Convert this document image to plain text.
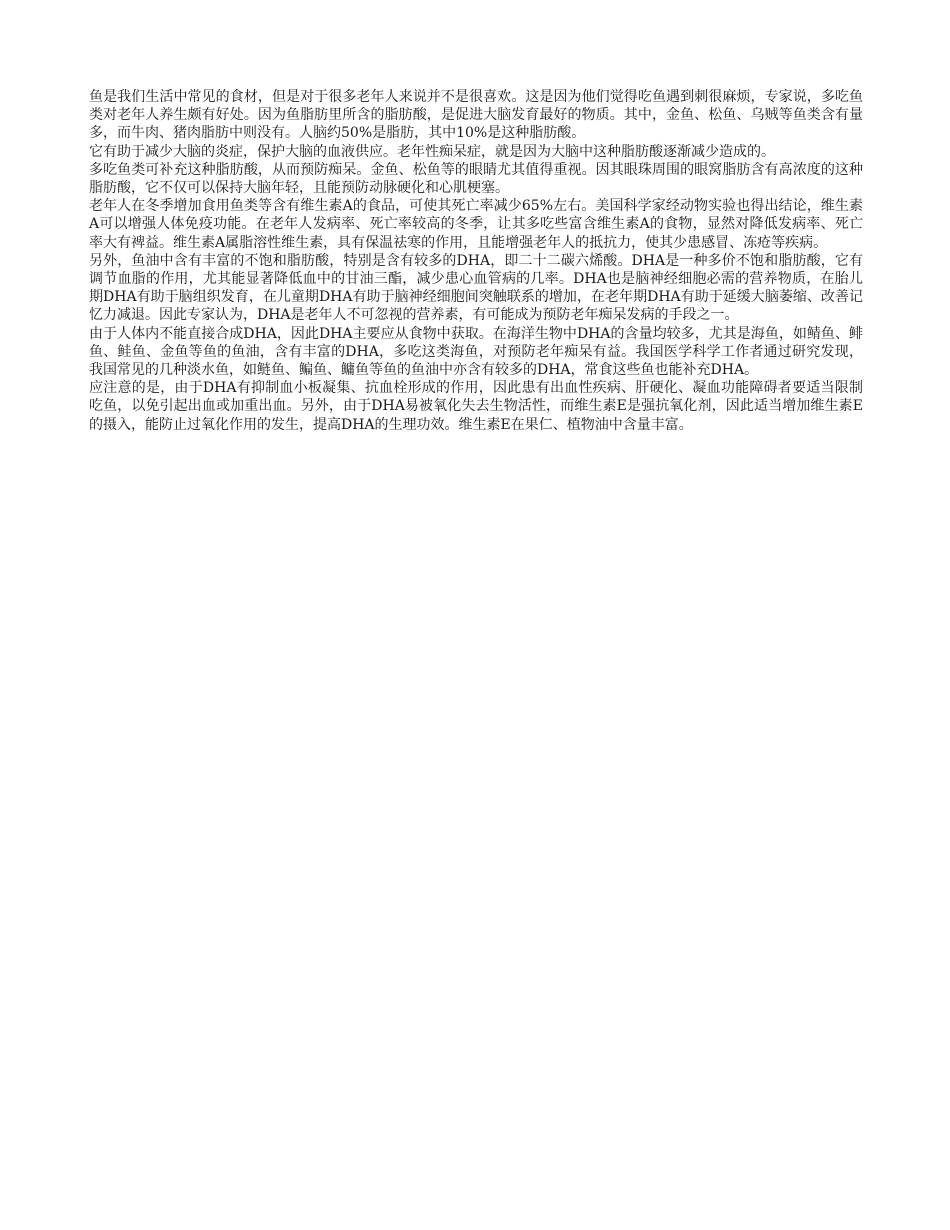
鱼是我们生活中常见的食材，但是对于很多老年人来说并不是很喜欢。这是因为他们觉得吃鱼遇到刺很麻烦，专家说，多吃鱼类对老年人养生颇有好处。因为鱼脂肪里所含的脂肪酸，是促进大脑发育最好的物质。其中，金鱼、松鱼、乌贼等鱼类含有量多，而牛肉、猪肉脂肪中则没有。人脑约50%是脂肪，其中10%是这种脂肪酸。

它有助于减少大脑的炎症，保护大脑的血液供应。老年性痴呆症，就是因为大脑中这种脂肪酸逐渐减少造成的。

多吃鱼类可补充这种脂肪酸，从而预防痴呆。金鱼、松鱼等的眼睛尤其值得重视。因其眼珠周围的眼窝脂肪含有高浓度的这种脂肪酸，它不仅可以保持大脑年轻，且能预防动脉硬化和心肌梗塞。

老年人在冬季增加食用鱼类等含有维生素A的食品，可使其死亡率减少65%左右。美国科学家经动物实验也得出结论，维生素A可以增强人体免疫功能。在老年人发病率、死亡率较高的冬季，让其多吃些富含维生素A的食物，显然对降低发病率、死亡率大有裨益。维生素A属脂溶性维生素，具有保温祛寒的作用，且能增强老年人的抵抗力，使其少患感冒、冻疮等疾病。

另外，鱼油中含有丰富的不饱和脂肪酸，特别是含有较多的DHA，即二十二碳六烯酸。DHA是一种多价不饱和脂肪酸，它有调节血脂的作用，尤其能显著降低血中的甘油三酯，减少患心血管病的几率。DHA也是脑神经细胞必需的营养物质，在胎儿期DHA有助于脑组织发育，在儿童期DHA有助于脑神经细胞间突触联系的增加，在老年期DHA有助于延缓大脑萎缩、改善记忆力减退。因此专家认为，DHA是老年人不可忽视的营养素，有可能成为预防老年痴呆发病的手段之一。

由于人体内不能直接合成DHA，因此DHA主要应从食物中获取。在海洋生物中DHA的含量均较多，尤其是海鱼，如鲭鱼、鲱鱼、鲑鱼、金鱼等鱼的鱼油，含有丰富的DHA，多吃这类海鱼，对预防老年痴呆有益。我国医学科学工作者通过研究发现，我国常见的几种淡水鱼，如鲢鱼、鳊鱼、鳙鱼等鱼的鱼油中亦含有较多的DHA，常食这些鱼也能补充DHA。

应注意的是，由于DHA有抑制血小板凝集、抗血栓形成的作用，因此患有出血性疾病、肝硬化、凝血功能障碍者要适当限制吃鱼，以免引起出血或加重出血。另外，由于DHA易被氧化失去生物活性，而维生素E是强抗氧化剂，因此适当增加维生素E的摄入，能防止过氧化作用的发生，提高DHA的生理功效。维生素E在果仁、植物油中含量丰富。
